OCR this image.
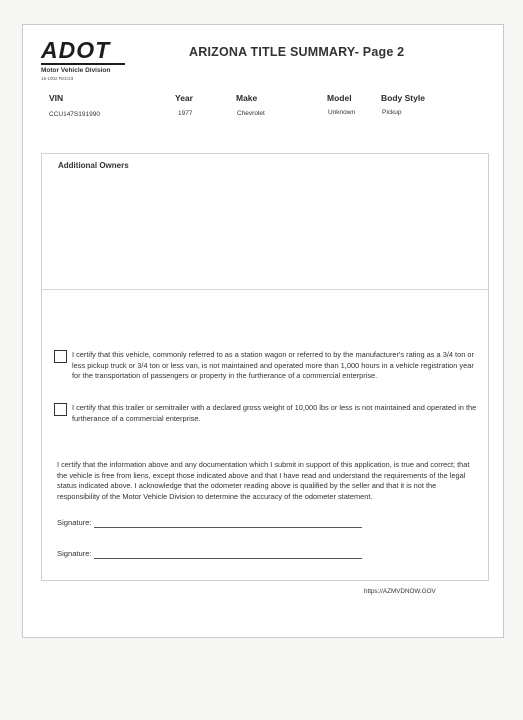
ADOT
Motor Vehicle Division
15-1002 R01/23
ARIZONA TITLE SUMMARY- Page 2
VIN	Year	Make	Model	Body Style
CCU147S191990	1977	Chevrolet	Unknown	Pickup
Additional Owners
I certify that this vehicle, commonly referred to as a station wagon or referred to by the manufacturer's rating as a 3/4 ton or less pickup truck or 3/4 ton or less van, is not maintained and operated more than 1,000 hours in a vehicle registration year for the transportation of passengers or property in the furtherance of a commercial enterprise.
I certify that this trailer or semitrailer with a declared gross weight of 10,000 lbs or less is not maintained and operated in the furtherance of a commercial enterprise.
I certify that the information above and any documentation which I submit in support of this application, is true and correct; that the vehicle is free from liens, except those indicated above and that I have read and understand the requirements of the legal status indicated above. I acknowledge that the odometer reading above is qualified by the seller and that it is not the responsibility of the Motor Vehicle Division to determine the accuracy of the odometer statement.
Signature:
Signature:
https://AZMVDNOW.GOV
